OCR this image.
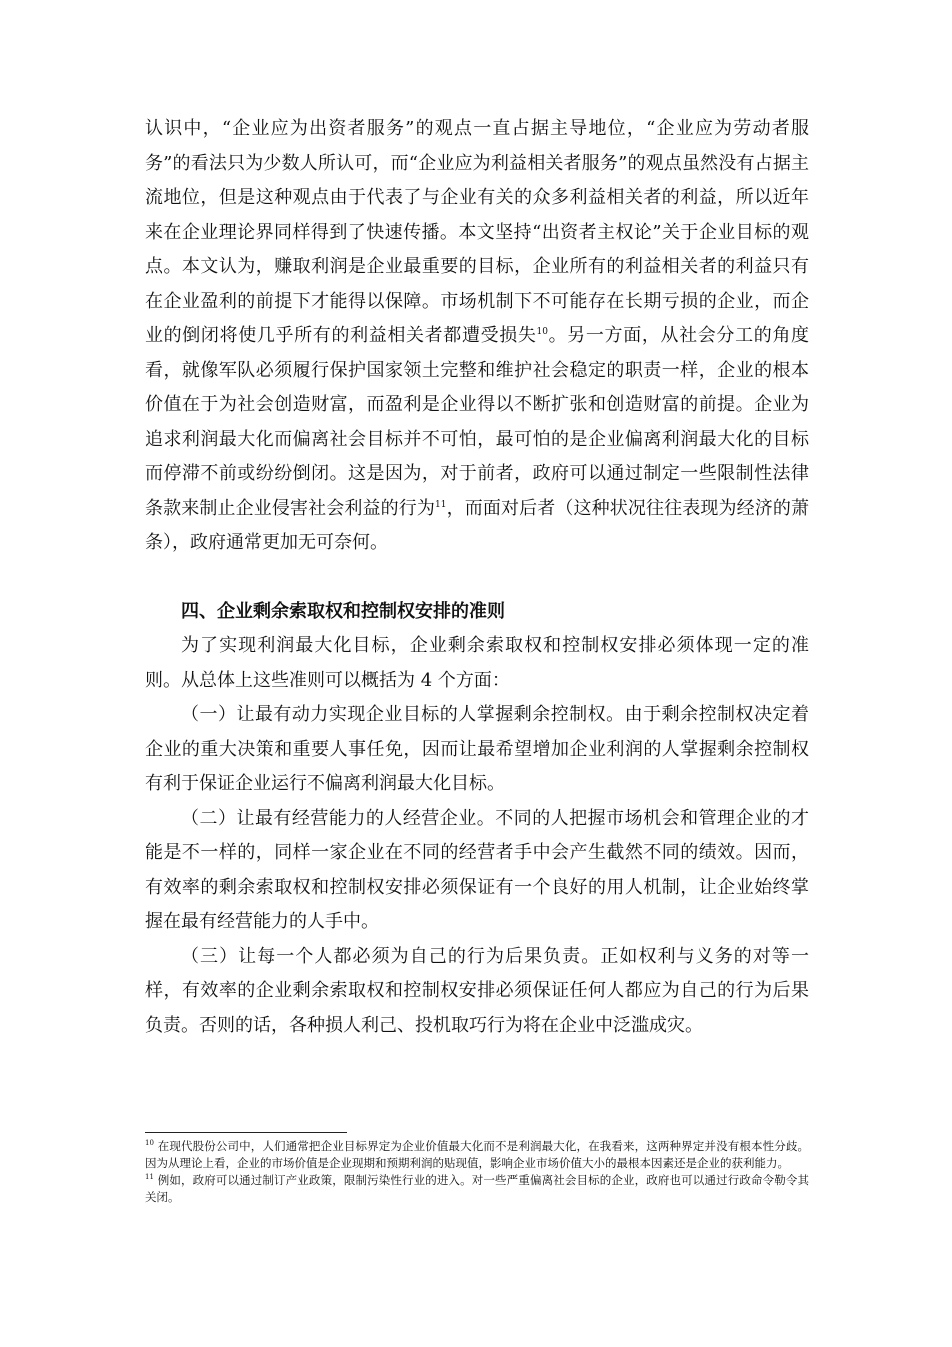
认识中，“企业应为出资者服务”的观点一直占据主导地位，“企业应为劳动者服务”的看法只为少数人所认可，而“企业应为利益相关者服务”的观点虽然没有占据主流地位，但是这种观点由于代表了与企业有关的众多利益相关者的利益，所以近年来在企业理论界同样得到了快速传播。本文坚持“出资者主权论”关于企业目标的观点。本文认为，赚取利润是企业最重要的目标，企业所有的利益相关者的利益只有在企业盈利的前提下才能得以保障。市场机制下不可能存在长期亏损的企业，而企业的倒闭将使几乎所有的利益相关者都遭受损失$^{10}$。另一方面，从社会分工的角度看，就像军队必须履行保护国家领土完整和维护社会稳定的职责一样，企业的根本价值在于为社会创造财富，而盈利是企业得以不断扩张和创造财富的前提。企业为追求利润最大化而偏离社会目标并不可怕，最可怕的是企业偏离利润最大化的目标而停滞不前或纷纷倒闭。这是因为，对于前者，政府可以通过制定一些限制性法律条款来制止企业侵害社会利益的行为$^{11}$，而面对后者（这种状况往往表现为经济的萧条），政府通常更加无可奈何。

四、企业剩余索取权和控制权安排的准则

为了实现利润最大化目标，企业剩余索取权和控制权安排必须体现一定的准则。从总体上这些准则可以概括为 4 个方面：

（一）让最有动力实现企业目标的人掌握剩余控制权。由于剩余控制权决定着企业的重大决策和重要人事任免，因而让最希望增加企业利润的人掌握剩余控制权有利于保证企业运行不偏离利润最大化目标。

（二）让最有经营能力的人经营企业。不同的人把握市场机会和管理企业的才能是不一样的，同样一家企业在不同的经营者手中会产生截然不同的绩效。因而，有效率的剩余索取权和控制权安排必须保证有一个良好的用人机制，让企业始终掌握在最有经营能力的人手中。

（三）让每一个人都必须为自己的行为后果负责。正如权利与义务的对等一样，有效率的企业剩余索取权和控制权安排必须保证任何人都应为自己的行为后果负责。否则的话，各种损人利己、投机取巧行为将在企业中泛滥成灾。

$^{10}$ 在现代股份公司中，人们通常把企业目标界定为企业价值最大化而不是利润最大化，在我看来，这两种界定并没有根本性分歧。因为从理论上看，企业的市场价值是企业现期和预期利润的贴现值，影响企业市场价值大小的最根本因素还是企业的获利能力。

$^{11}$ 例如，政府可以通过制订产业政策，限制污染性行业的进入。对一些严重偏离社会目标的企业，政府也可以通过行政命令勒令其关闭。
